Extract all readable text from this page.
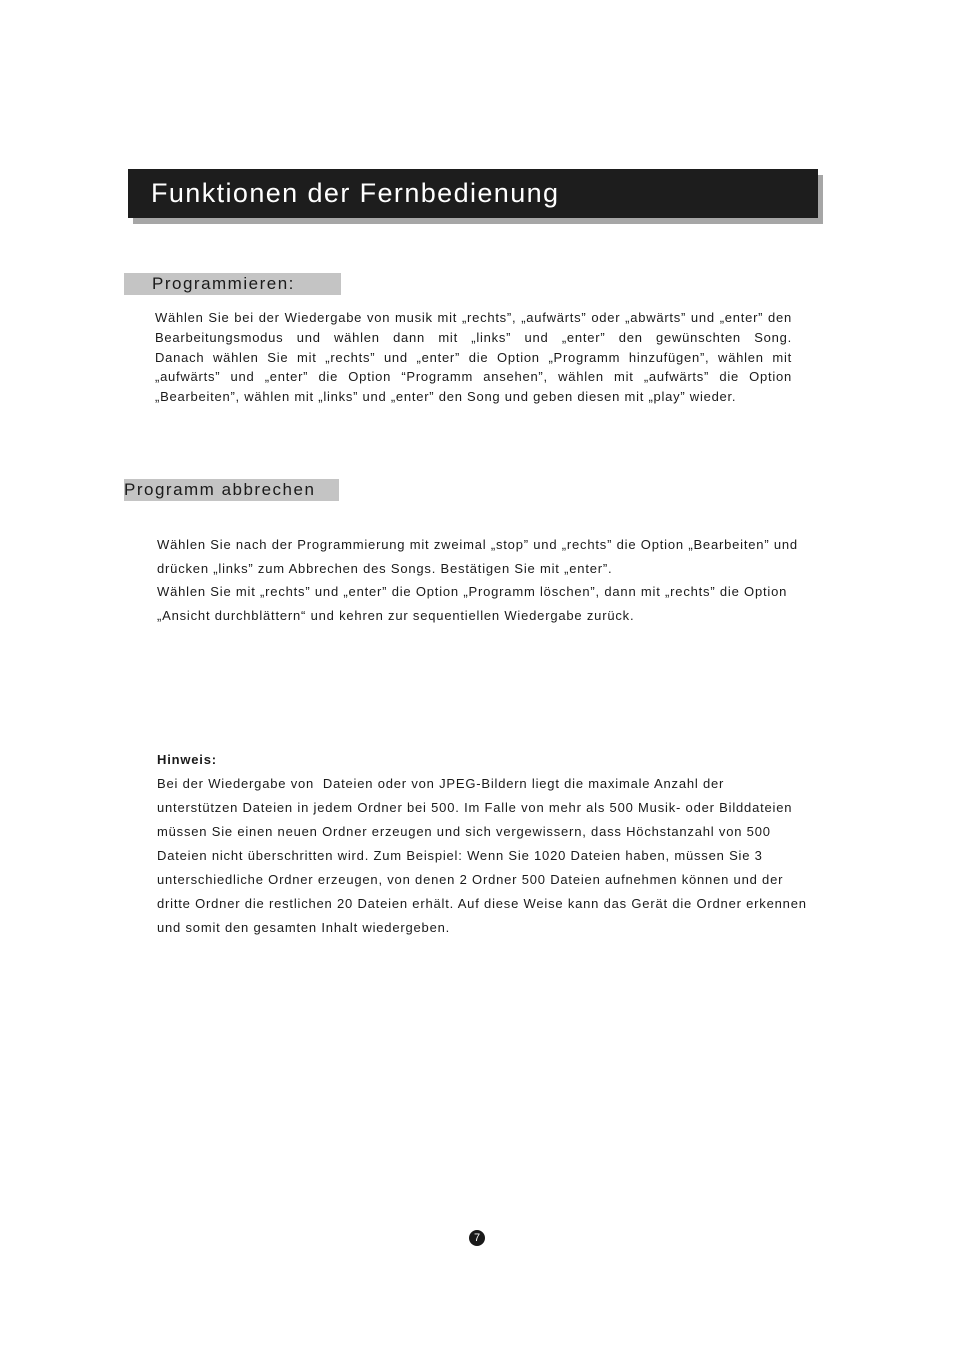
Funktionen der Fernbedienung
Programmieren:
Wählen Sie bei der Wiedergabe von musik mit „rechts”, „aufwärts” oder „abwärts” und „enter” den
Bearbeitungsmodus und wählen dann mit „links” und „enter” den gewünschten Song.
Danach wählen Sie mit „rechts” und „enter” die Option „Programm hinzufügen”, wählen mit
„aufwärts” und „enter” die Option “Programm ansehen”, wählen mit „aufwärts” die Option
„Bearbeiten”, wählen mit „links” und „enter” den Song und geben diesen mit „play” wieder.
Programm abbrechen
Wählen Sie nach der Programmierung mit zweimal „stop” und „rechts” die Option „Bearbeiten” und
drücken „links” zum Abbrechen des Songs. Bestätigen Sie mit „enter”.
Wählen Sie mit „rechts” und „enter” die Option „Programm löschen”, dann mit „rechts” die Option
„Ansicht durchblättern“ und kehren zur sequentiellen Wiedergabe zurück.
Hinweis:
Bei der Wiedergabe von  Dateien oder von JPEG-Bildern liegt die maximale Anzahl der
unterstützen Dateien in jedem Ordner bei 500. Im Falle von mehr als 500 Musik- oder Bilddateien
müssen Sie einen neuen Ordner erzeugen und sich vergewissern, dass Höchstanzahl von 500
Dateien nicht überschritten wird. Zum Beispiel: Wenn Sie 1020 Dateien haben, müssen Sie 3
unterschiedliche Ordner erzeugen, von denen 2 Ordner 500 Dateien aufnehmen können und der
dritte Ordner die restlichen 20 Dateien erhält. Auf diese Weise kann das Gerät die Ordner erkennen
und somit den gesamten Inhalt wiedergeben.
7
